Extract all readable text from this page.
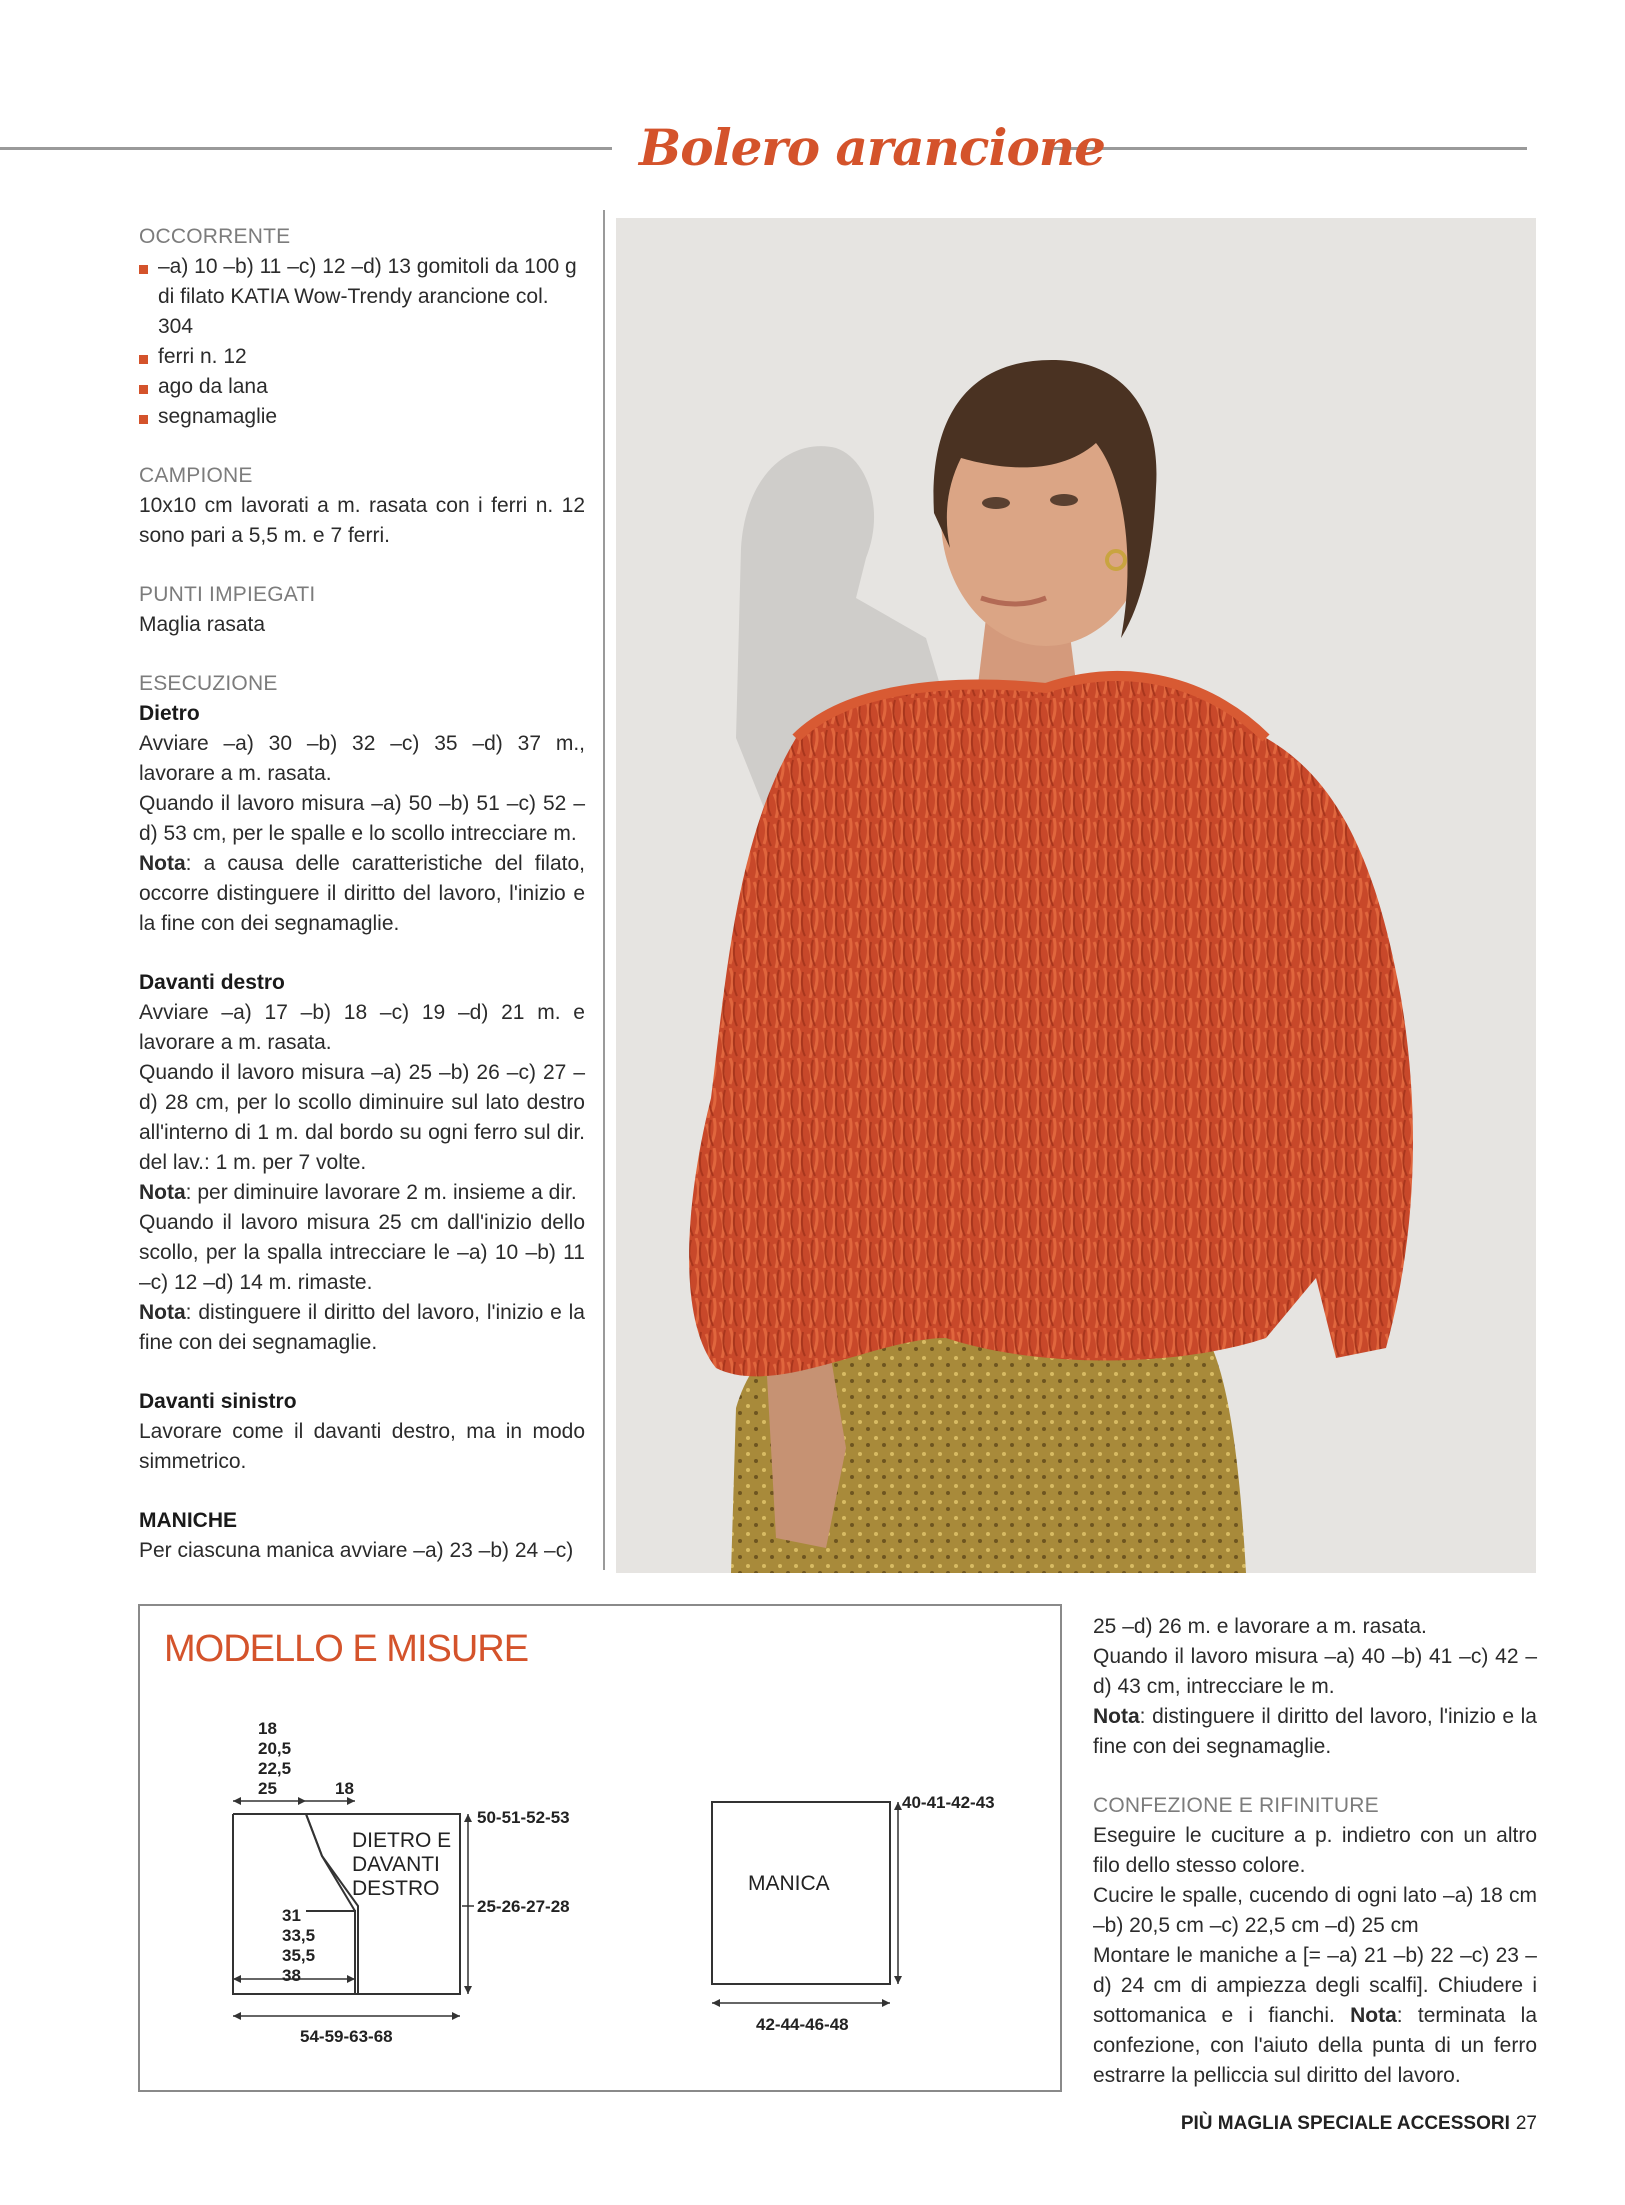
Bolero arancione

OCCORRENTE

–a) 10 –b) 11 –c) 12 –d) 13 gomitoli da 100 g di filato KATIA Wow-Trendy arancione col. 304
ferri n. 12
ago da lana
segnamaglie

CAMPIONE

10x10 cm lavorati a m. rasata con i ferri n. 12 sono pari a 5,5 m. e 7 ferri.

PUNTI IMPIEGATI

Maglia rasata

ESECUZIONE

Dietro

Avviare –a) 30 –b) 32 –c) 35 –d) 37 m., lavorare a m. rasata.

Quando il lavoro misura –a) 50 –b) 51 –c) 52 –d) 53 cm, per le spalle e lo scollo intrecciare m.

Nota: a causa delle caratteristiche del filato, occorre distinguere il diritto del lavoro, l'inizio e la fine con dei segnamaglie.

Davanti destro

Avviare –a) 17 –b) 18 –c) 19 –d) 21 m. e lavorare a m. rasata.

Quando il lavoro misura –a) 25 –b) 26 –c) 27 –d) 28 cm, per lo scollo diminuire sul lato destro all'interno di 1 m. dal bordo su ogni ferro sul dir. del lav.: 1 m. per 7 volte.

Nota: per diminuire lavorare 2 m. insieme a dir.

Quando il lavoro misura 25 cm dall'inizio dello scollo, per la spalla intrecciare le –a) 10 –b) 11 –c) 12 –d) 14 m. rimaste.

Nota: distinguere il diritto del lavoro, l'inizio e la fine con dei segnamaglie.

Davanti sinistro

Lavorare come il davanti destro, ma in modo simmetrico.

MANICHE

Per ciascuna manica avviare –a) 23 –b) 24 –c)

MODELLO E MISURE
18
20,5
22,5
25	18
50-51-52-53
25-26-27-28
31
33,5
35,5
38
54-59-63-68
40-41-42-43
42-44-46-48
DIETRO E
DAVANTI
DESTRO	MANICA

25 –d) 26 m. e lavorare a m. rasata.

Quando il lavoro misura –a) 40 –b) 41 –c) 42 –d) 43 cm, intrecciare le m.

Nota: distinguere il diritto del lavoro, l'inizio e la fine con dei segnamaglie.

CONFEZIONE E RIFINITURE

Eseguire le cuciture a p. indietro con un altro filo dello stesso colore.

Cucire le spalle, cucendo di ogni lato –a) 18 cm –b) 20,5 cm –c) 22,5 cm –d) 25 cm

Montare le maniche a [= –a) 21 –b) 22 –c) 23 –d) 24 cm di ampiezza degli scalfi]. Chiudere i sottomanica e i fianchi. Nota: terminata la confezione, con l'aiuto della punta di un ferro estrarre la pelliccia sul diritto del lavoro.

PIÙ MAGLIA SPECIALE ACCESSORI 27
